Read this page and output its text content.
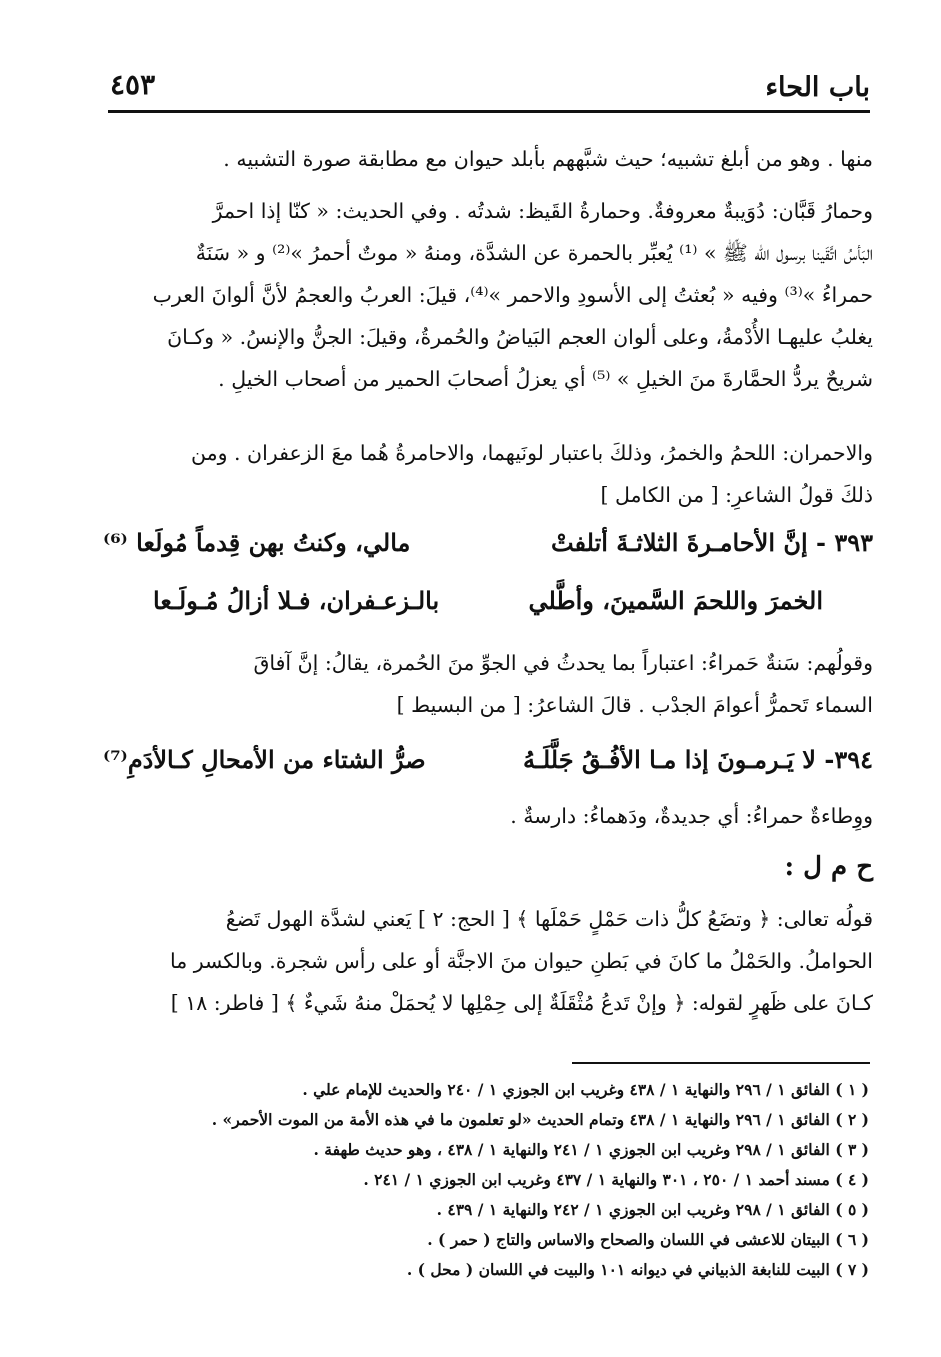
باب الحاء
٤٥٣
منها . وهو من أبلغ تشبيه؛ حيث شبَّههم بأبلد حيوان مع مطابقة صورة التشبيه .
وحمارُ قَبَّان: دُوَيبةٌ معروفةٌ. وحمارةُ القَيظ: شدتُه . وفي الحديث: « كنّا إذا احمرَّ
البَأسُ اتَّقَينا برسول الله ﷺ » ⁽¹⁾ يُعبِّر بالحمرة عن الشدَّة، ومنهُ « موتٌ أحمرُ »⁽²⁾ و « سَنَةٌ
حمراءُ »⁽³⁾ وفيه « بُعثتُ إلى الأسودِ والاحمر »⁽⁴⁾، قيلَ: العربُ والعجمُ لأنَّ ألوانَ العرب
يغلبُ عليهـا الأُدْمةُ، وعلى ألوان العجم البَياضُ والحُمرةُ، وقيلَ: الجنُّ والإنسُ. « وكـانَ
شريحٌ يردُّ الحمَّارةَ منَ الخيلِ » ⁽⁵⁾ أي يعزلُ أصحابَ الحمير من أصحاب الخيلِ .
والاحمران: اللحمُ والخمرُ، وذلكَ باعتبار لونَيهما، والاحامرةُ هُما معَ الزعفران . ومن
ذلكَ قولُ الشاعرِ: [ من الكامل ]
٣٩٣ - إنَّ الأحامـرةَ الثلاثـةَ أتلفتْ
مالي، وكنتُ بهن قِدماً مُولَعا ⁽⁶⁾
الخمرَ واللحمَ السَّمينَ، وأطَّلي
بالـزعـفران، فـلا أزالُ مُـولَـعا
وقولُهم: سَنةٌ حَمراءُ: اعتباراً بما يحدثُ في الجوِّ منَ الحُمرة، يقالُ: إنَّ آفاقَ
السماء تَحمرُّ أعوامَ الجدْب . قالَ الشاعرُ: [ من البسيط ]
٣٩٤- لا يَـرمـونَ إذا مـا الأفُـقُ جَلَّلَـهُ
صرُّ الشتاء من الأمحالِ كـالأدَمِ⁽⁷⁾
ووِطاءةٌ حمراءُ: أي جديدةٌ، ودَهماءُ: دارسةٌ .
ح م ل :
قولُه تعالى: ﴿ وتضَعُ كلُّ ذات حَمْلٍ حَمْلَها ﴾ [ الحج: ٢ ] يَعني لشدَّة الهول تَضعُ
الحواملُ. والحَمْلُ ما كانَ في بَطنِ حيوان منَ الاجنَّة أو على رأس شجرة. وبالكسر ما
كـانَ على ظَهرٍ لقوله: ﴿ وإنْ تَدعُ مُثْقَلَةٌ إلى حِمْلِها لا يُحمَلْ منهُ شَيءٌ ﴾ [ فاطر: ١٨ ]
( ١ ) الفائق ١ / ٢٩٦ والنهاية ١ / ٤٣٨ وغريب ابن الجوزي ١ / ٢٤٠ والحديث للإمام علي .
( ٢ ) الفائق ١ / ٢٩٦ والنهاية ١ / ٤٣٨ وتمام الحديث «لو تعلمون ما في هذه الأمة من الموت الأحمر» .
( ٣ ) الفائق ١ / ٢٩٨ وغريب ابن الجوزي ١ / ٢٤١ والنهاية ١ / ٤٣٨ ، وهو حديث طهفة .
( ٤ ) مسند أحمد ١ / ٢٥٠ ، ٣٠١ والنهاية ١ / ٤٣٧ وغريب ابن الجوزي ١ / ٢٤١ .
( ٥ ) الفائق ١ / ٢٩٨ وغريب ابن الجوزي ١ / ٢٤٢ والنهاية ١ / ٤٣٩ .
( ٦ ) البيتان للاعشى في اللسان والصحاح والاساس والتاج ( حمر ) .
( ٧ ) البيت للنابغة الذبياني في ديوانه ١٠١ والبيت في اللسان ( محل ) .
